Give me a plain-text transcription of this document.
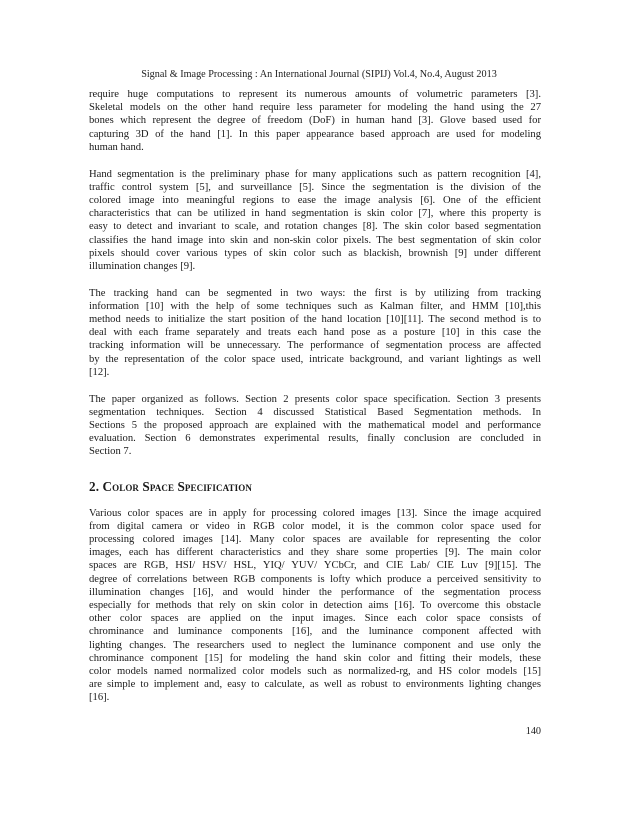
Signal & Image Processing : An International Journal (SIPIJ) Vol.4, No.4, August 2013
require huge computations to represent its numerous amounts of volumetric parameters [3].
Skeletal models on the other hand require less parameter for modeling the hand using the 27
bones which represent the degree of freedom (DoF) in human hand [3]. Glove based used for
capturing 3D of the hand [1]. In this paper appearance based approach are used for modeling
human hand.
Hand segmentation is the preliminary phase for many applications such as pattern recognition [4],
traffic control system [5], and surveillance [5]. Since the segmentation is the division of the
colored image into meaningful regions to ease the image analysis [6]. One of the efficient
characteristics that can be utilized in hand segmentation is skin color [7], where this property is
easy to detect and invariant to scale, and rotation changes [8]. The skin color based segmentation
classifies the hand image into skin and non-skin color pixels. The best segmentation of skin color
pixels should cover various types of skin color such as blackish, brownish [9] under different
illumination changes [9].
The tracking hand can be segmented in two ways: the first is by utilizing from tracking
information [10] with the help of some techniques such as Kalman filter, and HMM [10],this
method needs to initialize the start position of the hand location [10][11]. The second method is to
deal with each frame separately and treats each hand pose as a posture [10] in this case the
tracking information will be unnecessary. The performance of segmentation process are affected
by the representation of the color space used, intricate background, and variant lightings as well
[12].
The paper organized as follows. Section 2 presents color space specification. Section 3 presents
segmentation techniques. Section 4 discussed Statistical Based Segmentation methods. In
Sections 5 the proposed approach are explained with the mathematical model and performance
evaluation. Section 6 demonstrates experimental results, finally conclusion are concluded in
Section 7.
2. Color Space Specification
Various color spaces are in apply for processing colored images [13]. Since the image acquired
from digital camera or video in RGB color model, it is the common color space used for
processing colored images [14]. Many color spaces are available for representing the color
images, each has different characteristics and they share some properties [9]. The main color
spaces are RGB, HSI/ HSV/ HSL, YIQ/ YUV/ YCbCr, and CIE Lab/ CIE Luv [9][15]. The
degree of correlations between RGB components is lofty which produce a perceived sensitivity to
illumination changes [16], and would hinder the performance of the segmentation process
especially for methods that rely on skin color in detection aims [16]. To overcome this obstacle
other color spaces are applied on the input images. Since each color space consists of
chrominance and luminance components [16], and the luminance component affected with
lighting changes. The researchers used to neglect the luminance component and use only the
chrominance component [15] for modeling the hand skin color and fitting their models, these
color models named normalized color models such as normalized-rg, and HS color models [15]
are simple to implement and, easy to calculate, as well as robust to environments lighting changes
[16].
140
